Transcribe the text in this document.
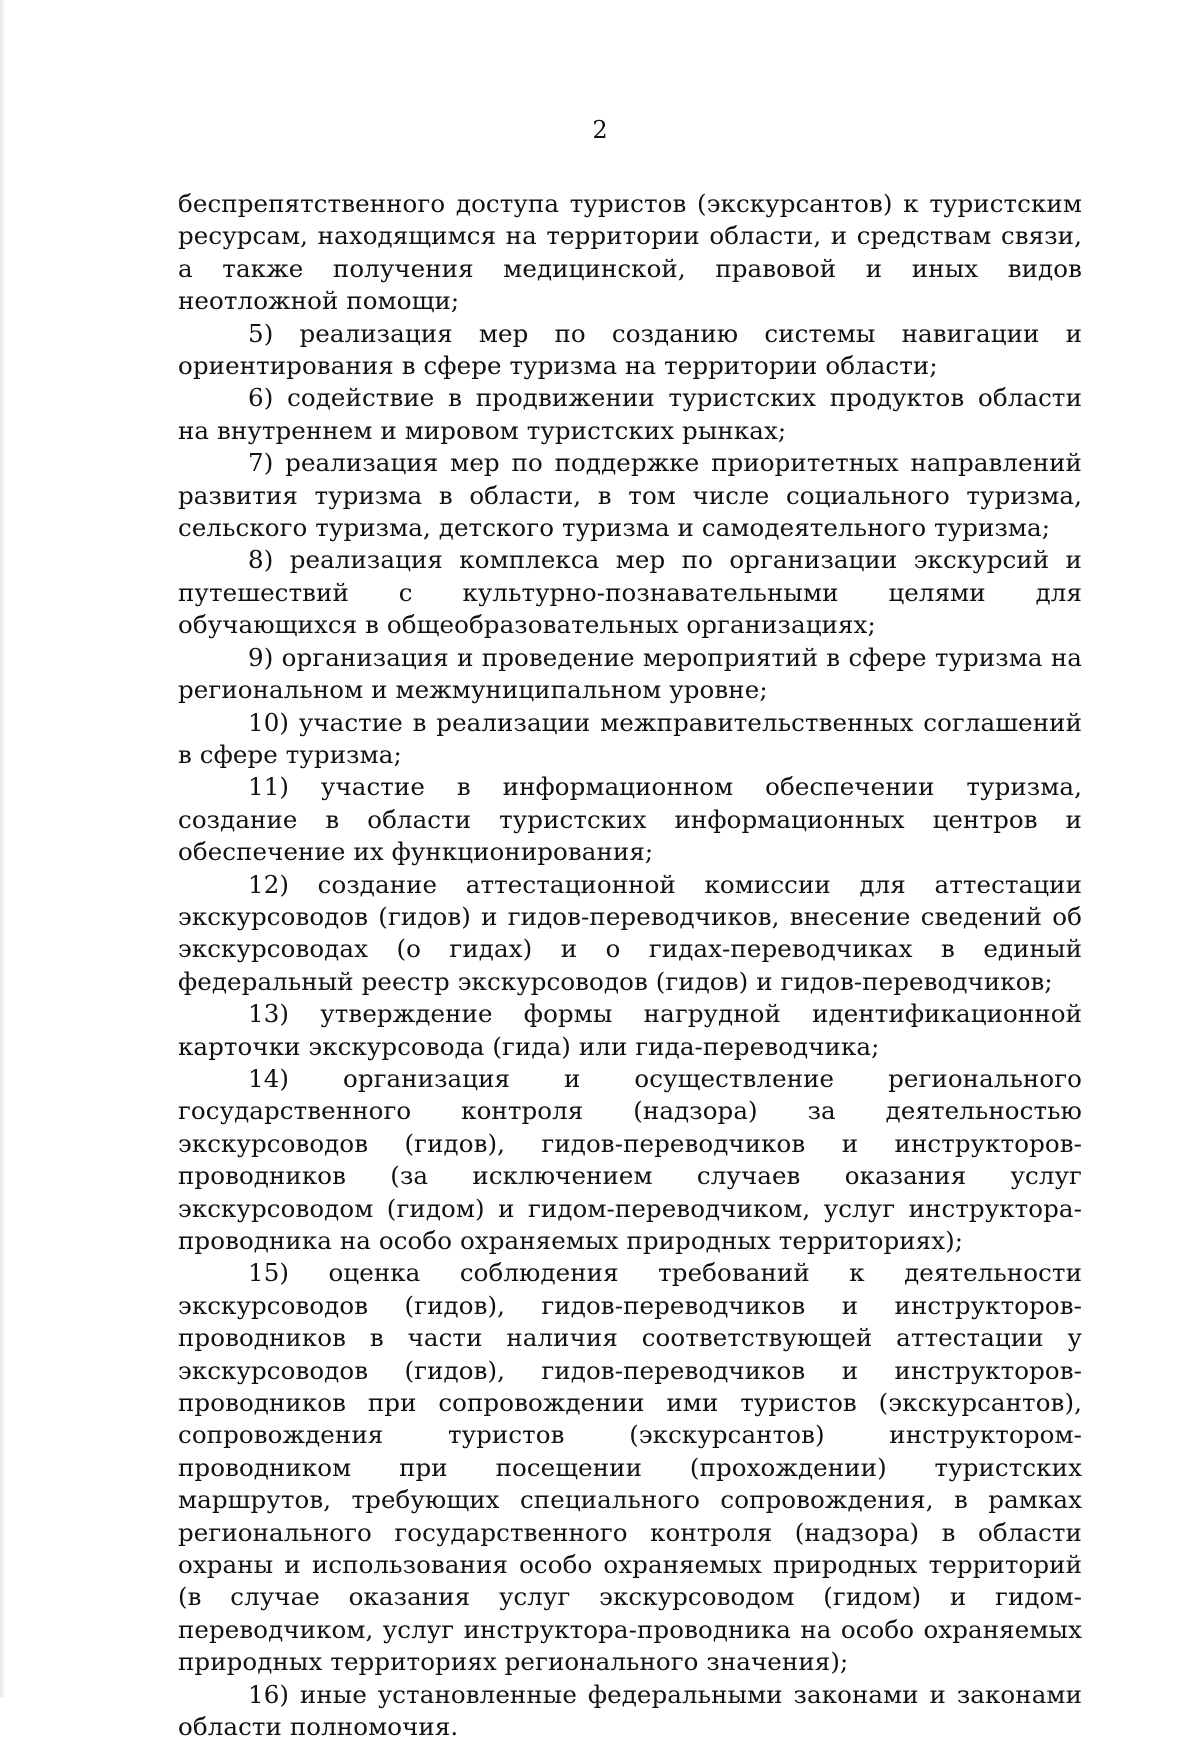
2

беспрепятственного доступа туристов (экскурсантов) к туристским ресурсам, находящимся на территории области, и средствам связи, а также получения медицинской, правовой и иных видов неотложной помощи;

5) реализация мер по созданию системы навигации и ориентирования в сфере туризма на территории области;

6) содействие в продвижении туристских продуктов области на внутреннем и мировом туристских рынках;

7) реализация мер по поддержке приоритетных направлений развития туризма в области, в том числе социального туризма, сельского туризма, детского туризма и самодеятельного туризма;

8) реализация комплекса мер по организации экскурсий и путешествий с культурно-познавательными целями для обучающихся в общеобразовательных организациях;

9) организация и проведение мероприятий в сфере туризма на региональном и межмуниципальном уровне;

10) участие в реализации межправительственных соглашений в сфере туризма;

11) участие в информационном обеспечении туризма, создание в области туристских информационных центров и обеспечение их функционирования;

12) создание аттестационной комиссии для аттестации экскурсоводов (гидов) и гидов-переводчиков, внесение сведений об экскурсоводах (о гидах) и о гидах-переводчиках в единый федеральный реестр экскурсоводов (гидов) и гидов-переводчиков;

13) утверждение формы нагрудной идентификационной карточки экскурсовода (гида) или гида-переводчика;

14) организация и осуществление регионального государственного контроля (надзора) за деятельностью экскурсоводов (гидов), гидов-переводчиков и инструкторов-проводников (за исключением случаев оказания услуг экскурсоводом (гидом) и гидом-переводчиком, услуг инструктора-проводника на особо охраняемых природных территориях);

15) оценка соблюдения требований к деятельности экскурсоводов (гидов), гидов-переводчиков и инструкторов-проводников в части наличия соответствующей аттестации у экскурсоводов (гидов), гидов-переводчиков и инструкторов-проводников при сопровождении ими туристов (экскурсантов), сопровождения туристов (экскурсантов) инструктором-проводником при посещении (прохождении) туристских маршрутов, требующих специального сопровождения, в рамках регионального государственного контроля (надзора) в области охраны и использования особо охраняемых природных территорий (в случае оказания услуг экскурсоводом (гидом) и гидом-переводчиком, услуг инструктора-проводника на особо охраняемых природных территориях регионального значения);

16) иные установленные федеральными законами и законами области полномочия.
